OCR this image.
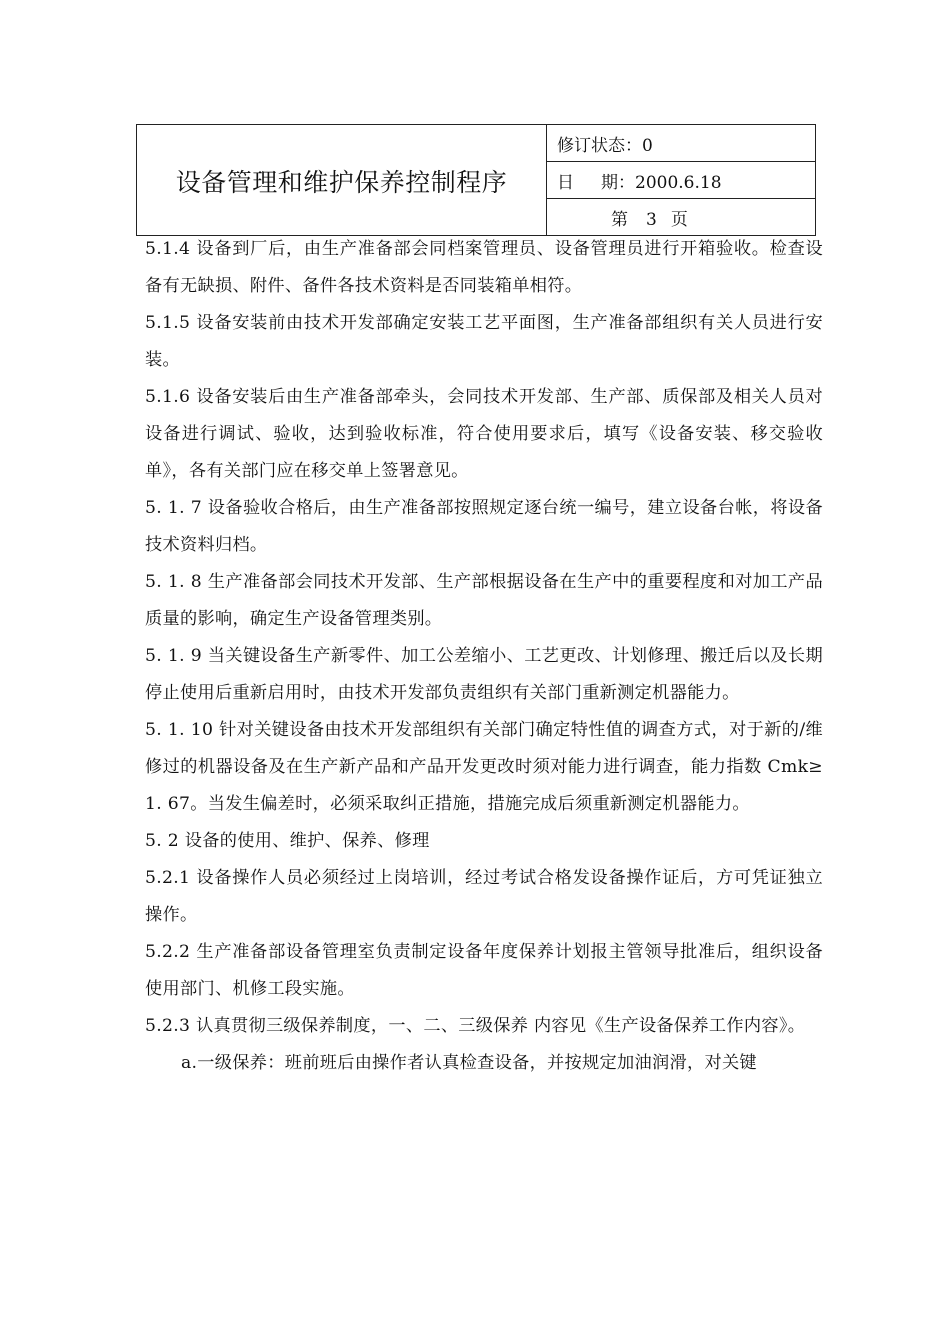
设备管理和维护保养控制程序	修订状态：0
日 期：2000.6.18
第 3 页

5.1.4 设备到厂后，由生产准备部会同档案管理员、设备管理员进行开箱验收。检查设备有无缺损、附件、备件各技术资料是否同装箱单相符。

5.1.5 设备安装前由技术开发部确定安装工艺平面图，生产准备部组织有关人员进行安装。

5.1.6 设备安装后由生产准备部牵头，会同技术开发部、生产部、质保部及相关人员对设备进行调试、验收，达到验收标准，符合使用要求后，填写《设备安装、移交验收单》，各有关部门应在移交单上签署意见。

5. 1. 7 设备验收合格后，由生产准备部按照规定逐台统一编号，建立设备台帐，将设备技术资料归档。

5. 1. 8 生产准备部会同技术开发部、生产部根据设备在生产中的重要程度和对加工产品质量的影响，确定生产设备管理类别。

5. 1. 9 当关键设备生产新零件、加工公差缩小、工艺更改、计划修理、搬迁后以及长期停止使用后重新启用时，由技术开发部负责组织有关部门重新测定机器能力。

5. 1. 10 针对关键设备由技术开发部组织有关部门确定特性值的调查方式，对于新的/维修过的机器设备及在生产新产品和产品开发更改时须对能力进行调查，能力指数 Cmk≥1. 67。当发生偏差时，必须采取纠正措施，措施完成后须重新测定机器能力。

5. 2 设备的使用、维护、保养、修理

5.2.1 设备操作人员必须经过上岗培训，经过考试合格发设备操作证后，方可凭证独立操作。

5.2.2 生产准备部设备管理室负责制定设备年度保养计划报主管领导批准后，组织设备使用部门、机修工段实施。

5.2.3 认真贯彻三级保养制度，一、二、三级保养 内容见《生产设备保养工作内容》。

a.一级保养：班前班后由操作者认真检查设备，并按规定加油润滑，对关键
